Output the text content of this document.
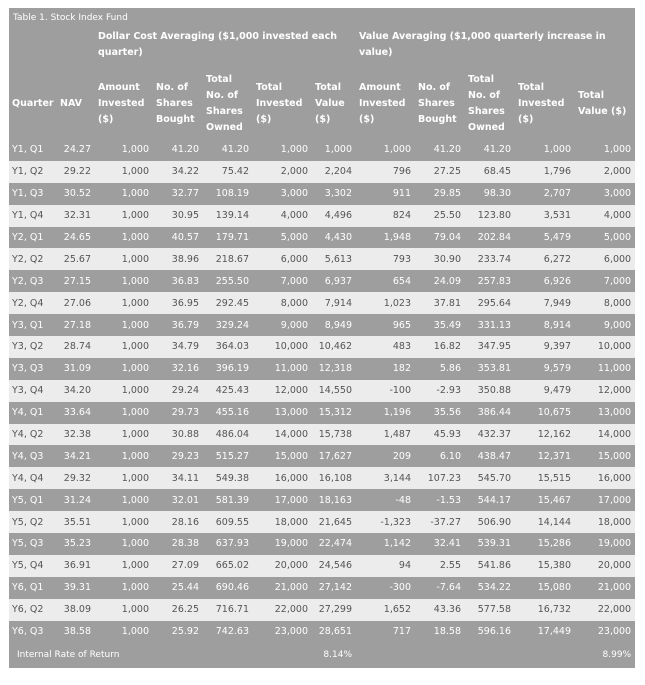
Table 1. Stock Index Fund											
		Dollar Cost Averaging ($1,000 invested each quarter)					Value Averaging ($1,000 quarterly increase in value)				
Quarter	NAV	Amount Invested ($)	No. of Shares Bought	Total No. of Shares Owned	Total Invested ($)	Total Value ($)	Amount Invested ($)	No. of Shares Bought	Total No. of Shares Owned	Total Invested ($)	Total Value ($)
Y1, Q1	24.27	1,000	41.20	41.20	1,000	1,000	1,000	41.20	41.20	1,000	1,000
Y1, Q2	29.22	1,000	34.22	75.42	2,000	2,204	796	27.25	68.45	1,796	2,000
Y1, Q3	30.52	1,000	32.77	108.19	3,000	3,302	911	29.85	98.30	2,707	3,000
Y1, Q4	32.31	1,000	30.95	139.14	4,000	4,496	824	25.50	123.80	3,531	4,000
Y2, Q1	24.65	1,000	40.57	179.71	5,000	4,430	1,948	79.04	202.84	5,479	5,000
Y2, Q2	25.67	1,000	38.96	218.67	6,000	5,613	793	30.90	233.74	6,272	6,000
Y2, Q3	27.15	1,000	36.83	255.50	7,000	6,937	654	24.09	257.83	6,926	7,000
Y2, Q4	27.06	1,000	36.95	292.45	8,000	7,914	1,023	37.81	295.64	7,949	8,000
Y3, Q1	27.18	1,000	36.79	329.24	9,000	8,949	965	35.49	331.13	8,914	9,000
Y3, Q2	28.74	1,000	34.79	364.03	10,000	10,462	483	16.82	347.95	9,397	10,000
Y3, Q3	31.09	1,000	32.16	396.19	11,000	12,318	182	5.86	353.81	9,579	11,000
Y3, Q4	34.20	1,000	29.24	425.43	12,000	14,550	-100	-2.93	350.88	9,479	12,000
Y4, Q1	33.64	1,000	29.73	455.16	13,000	15,312	1,196	35.56	386.44	10,675	13,000
Y4, Q2	32.38	1,000	30.88	486.04	14,000	15,738	1,487	45.93	432.37	12,162	14,000
Y4, Q3	34.21	1,000	29.23	515.27	15,000	17,627	209	6.10	438.47	12,371	15,000
Y4, Q4	29.32	1,000	34.11	549.38	16,000	16,108	3,144	107.23	545.70	15,515	16,000
Y5, Q1	31.24	1,000	32.01	581.39	17,000	18,163	-48	-1.53	544.17	15,467	17,000
Y5, Q2	35.51	1,000	28.16	609.55	18,000	21,645	-1,323	-37.27	506.90	14,144	18,000
Y5, Q3	35.23	1,000	28.38	637.93	19,000	22,474	1,142	32.41	539.31	15,286	19,000
Y5, Q4	36.91	1,000	27.09	665.02	20,000	24,546	94	2.55	541.86	15,380	20,000
Y6, Q1	39.31	1,000	25.44	690.46	21,000	27,142	-300	-7.64	534.22	15,080	21,000
Y6, Q2	38.09	1,000	26.25	716.71	22,000	27,299	1,652	43.36	577.58	16,732	22,000
Y6, Q3	38.58	1,000	25.92	742.63	23,000	28,651	717	18.58	596.16	17,449	23,000
Internal Rate of Return						8.14%					8.99%
